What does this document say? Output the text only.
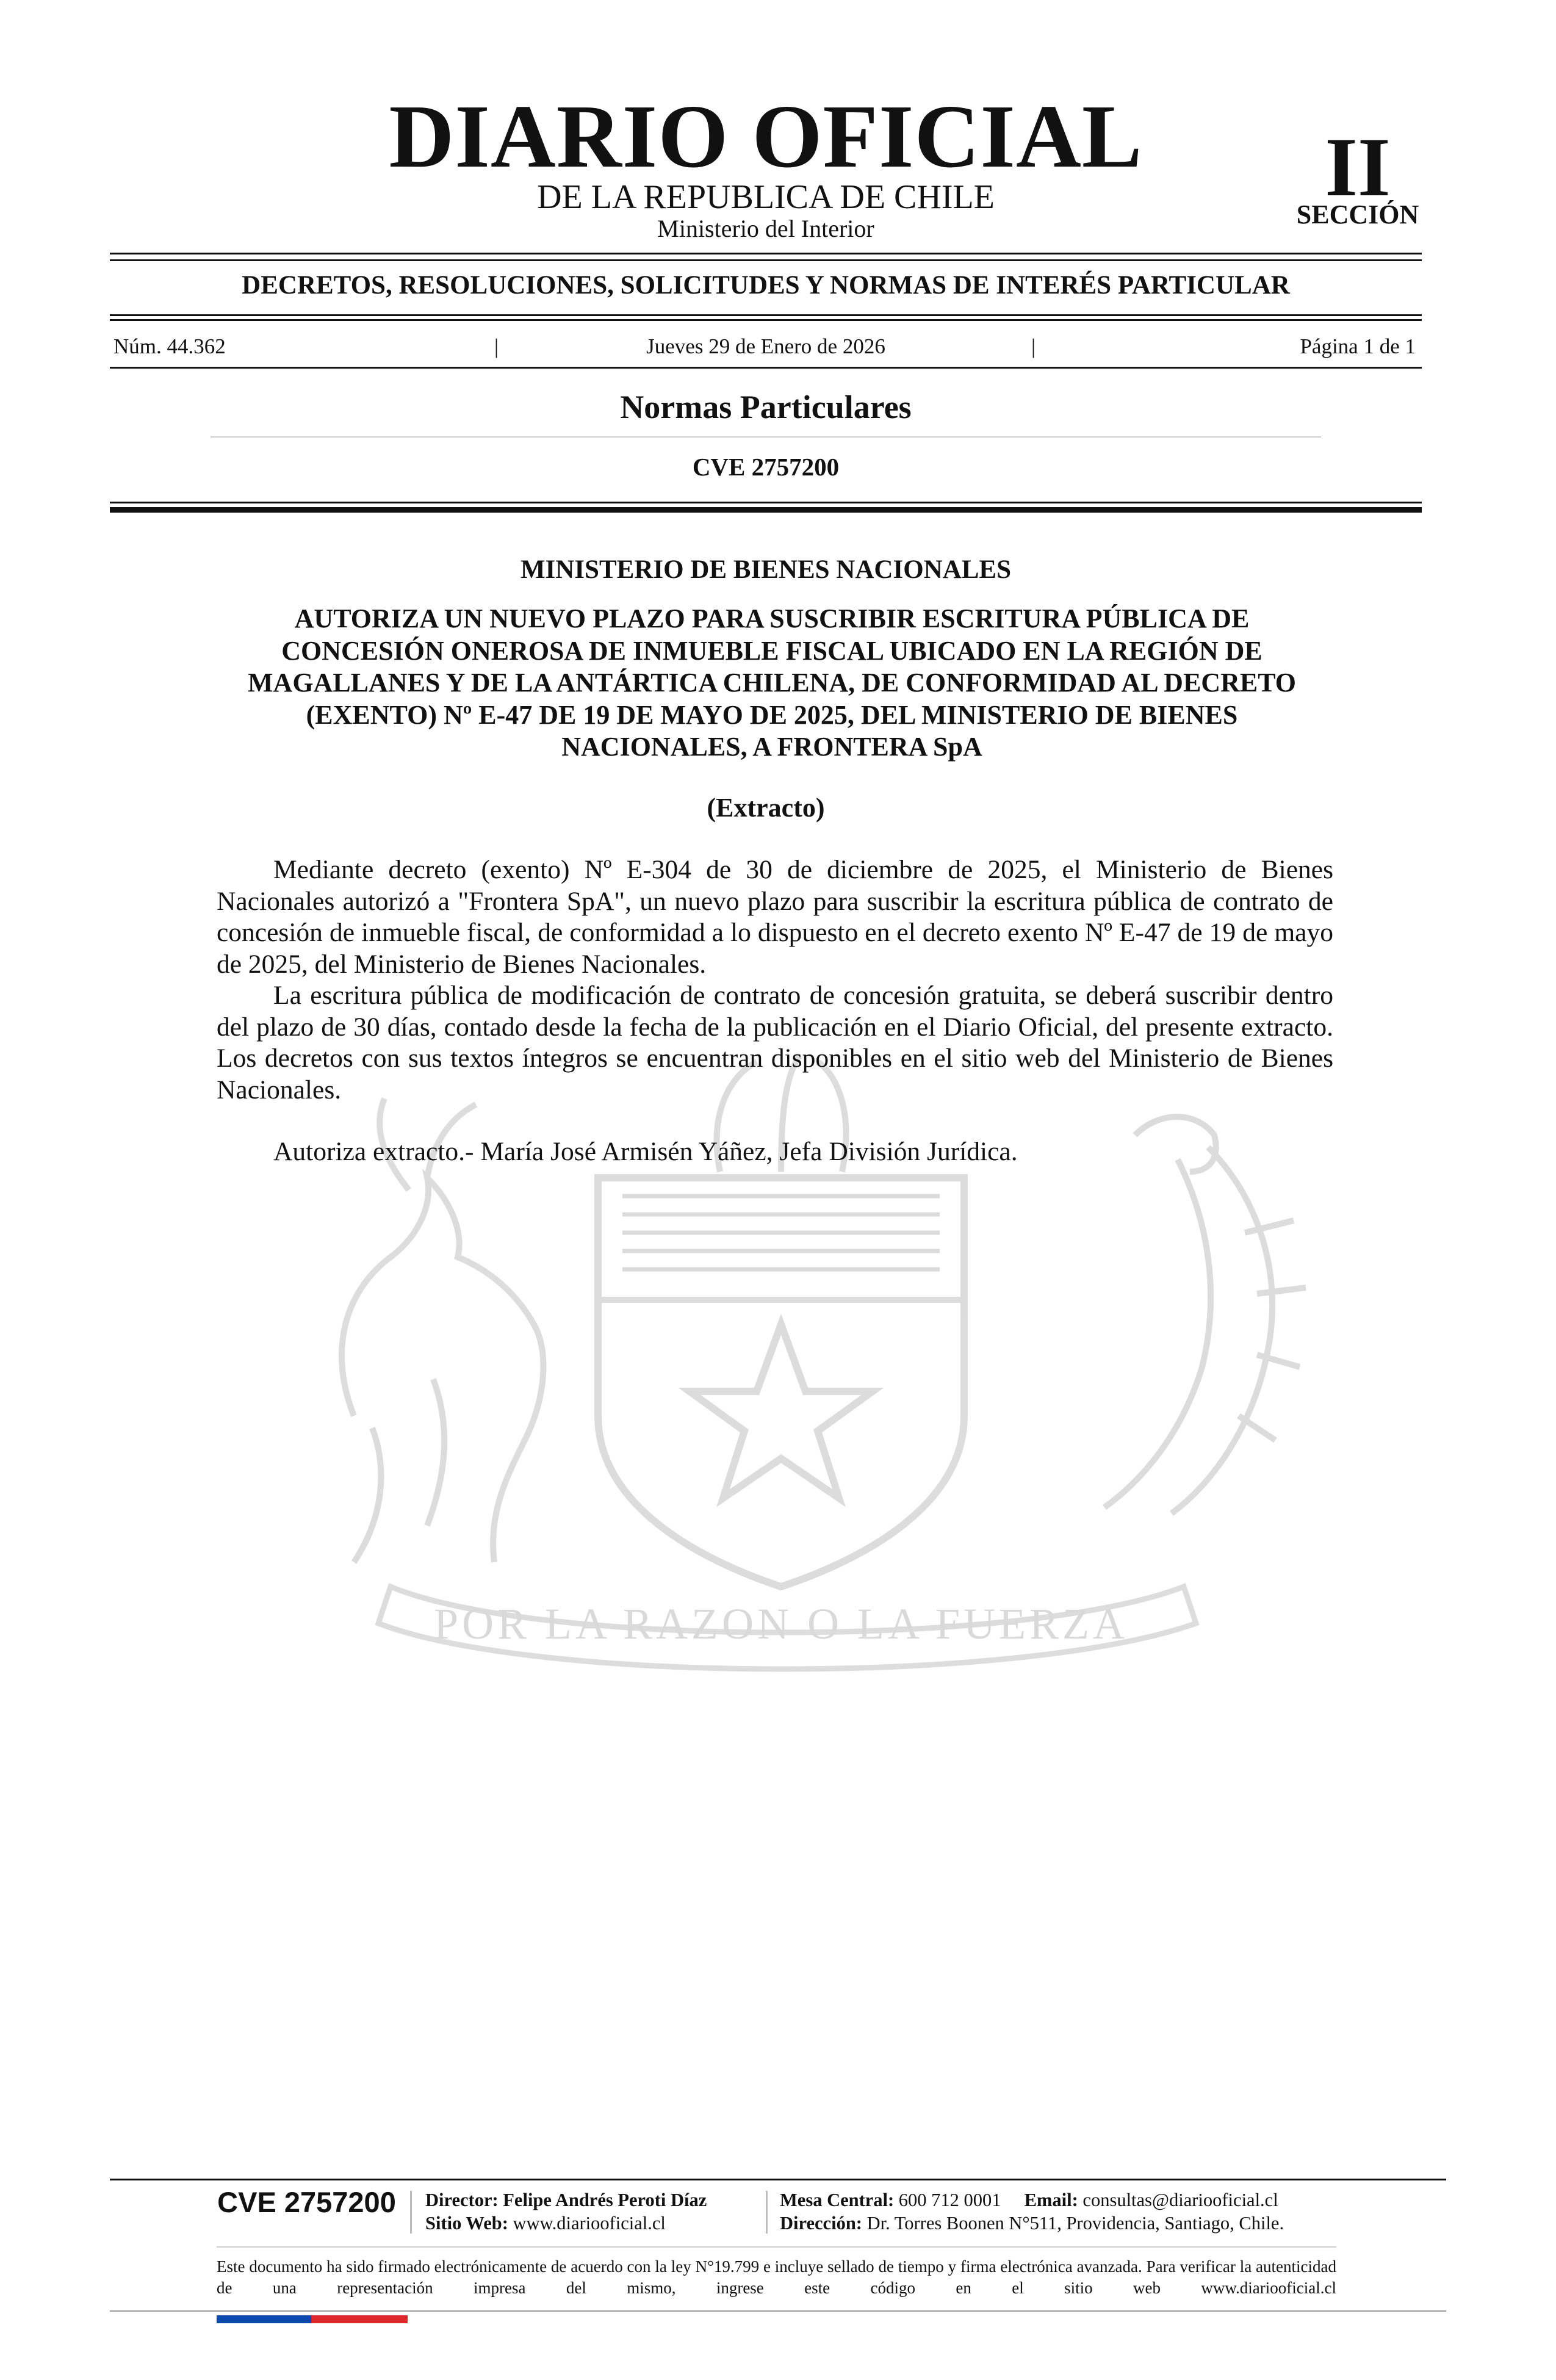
POR LA RAZON O LA FUERZA
DIARIO OFICIAL
DE LA REPUBLICA DE CHILE
Ministerio del Interior
II
SECCIÓN
DECRETOS, RESOLUCIONES, SOLICITUDES Y NORMAS DE INTERÉS PARTICULAR
Núm. 44.362	|	Jueves 29 de Enero de 2026	|	Página 1 de 1
Normas Particulares
CVE 2757200
MINISTERIO DE BIENES NACIONALES
AUTORIZA UN NUEVO PLAZO PARA SUSCRIBIR ESCRITURA PÚBLICA DE CONCESIÓN ONEROSA DE INMUEBLE FISCAL UBICADO EN LA REGIÓN DE MAGALLANES Y DE LA ANTÁRTICA CHILENA, DE CONFORMIDAD AL DECRETO (EXENTO) Nº E-47 DE 19 DE MAYO DE 2025, DEL MINISTERIO DE BIENES NACIONALES, A FRONTERA SpA
(Extracto)

Mediante decreto (exento) Nº E-304 de 30 de diciembre de 2025, el Ministerio de Bienes Nacionales autorizó a "Frontera SpA", un nuevo plazo para suscribir la escritura pública de contrato de concesión de inmueble fiscal, de conformidad a lo dispuesto en el decreto exento Nº E-47 de 19 de mayo de 2025, del Ministerio de Bienes Nacionales.

La escritura pública de modificación de contrato de concesión gratuita, se deberá suscribir dentro del plazo de 30 días, contado desde la fecha de la publicación en el Diario Oficial, del presente extracto. Los decretos con sus textos íntegros se encuentran disponibles en el sitio web del Ministerio de Bienes Nacionales.

Autoriza extracto.- María José Armisén Yáñez, Jefa División Jurídica.

CVE 2757200	Director: Felipe Andrés Peroti Díaz
Sitio Web: www.diariooficial.cl
Mesa Central: 600 712 0001 Email: consultas@diariooficial.cl
Dirección: Dr. Torres Boonen N°511, Providencia, Santiago, Chile.
Este documento ha sido firmado electrónicamente de acuerdo con la ley N°19.799 e incluye sellado de tiempo y firma electrónica avanzada. Para verificar la autenticidad de una representación impresa del mismo, ingrese este código en el sitio web www.diariooficial.cl
